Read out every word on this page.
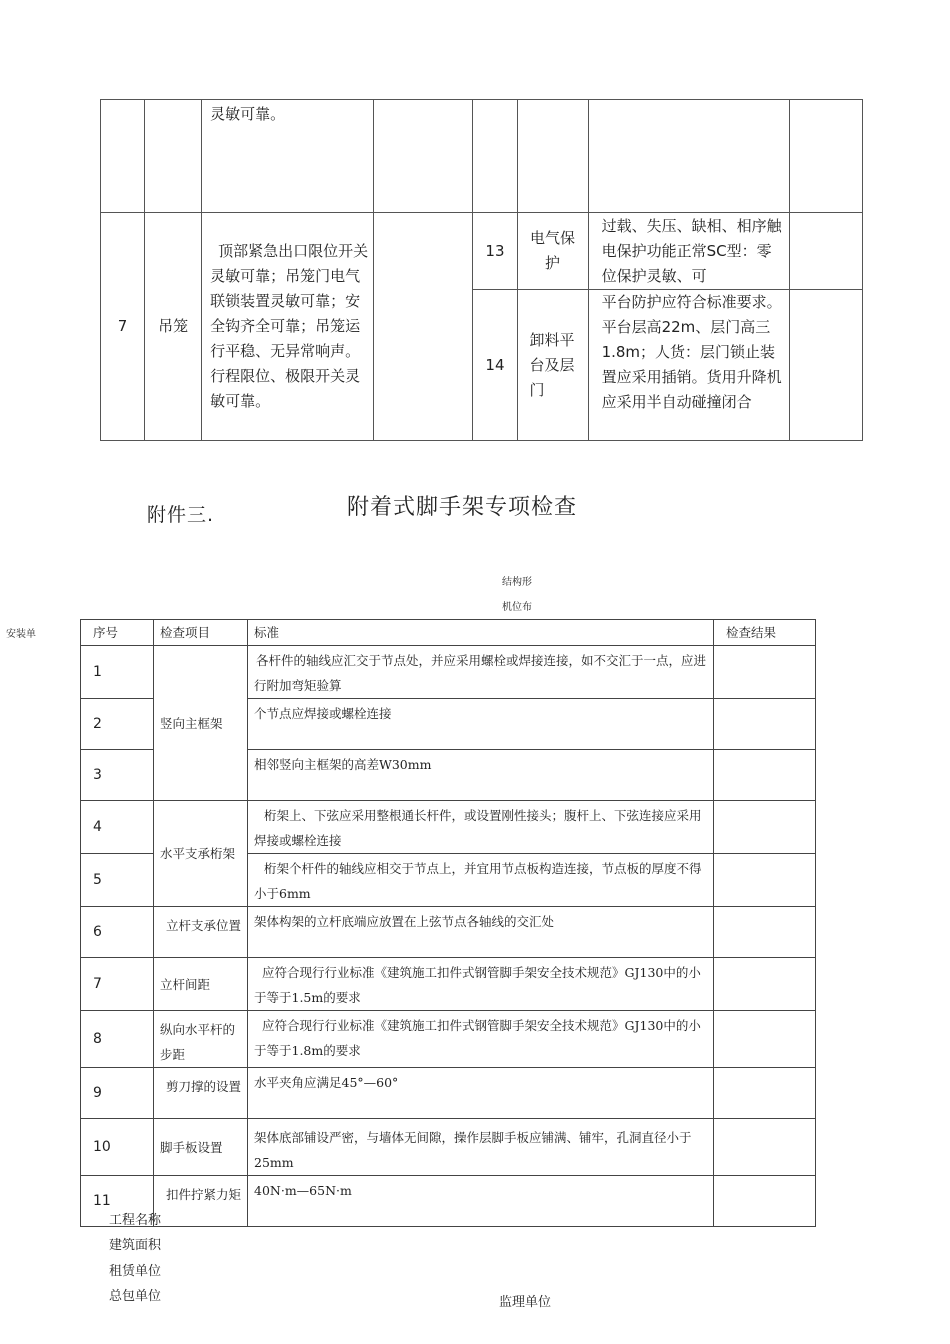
		灵敏可靠。					
7	吊笼	顶部紧急出口限位开关灵敏可靠；吊笼门电气联锁装置灵敏可靠；安全钩齐全可靠；吊笼运行平稳、无异常响声。行程限位、极限开关灵敏可靠。		13	电气保护	过载、失压、缺相、相序触电保护功能正常SC型：零位保护灵敏、可	

				14	卸料平台及层门	平台防护应符合标准要求。平台层高22m、层门高三1.8m；人货：层门锁止装置应采用插销。货用升降机应采用半自动碰撞闭合	

附件三.	附着式脚手架专项检查
结构形
机位布
安装单	序号	检查项目	标准	检查结果
1	竖向主框架	各杆件的轴线应汇交于节点处，并应采用螺栓或焊接连接，如不交汇于一点，应进行附加弯矩验算	
2		个节点应焊接或螺栓连接	
3		相邻竖向主框架的高差W30mm	
4	水平支承桁架	桁架上、下弦应采用整根通长杆件，或设置刚性接头；腹杆上、下弦连接应采用焊接或螺栓连接	
5		桁架个杆件的轴线应相交于节点上，并宜用节点板构造连接，节点板的厚度不得小于6mm	
6	立杆支承位置	架体构架的立杆底端应放置在上弦节点各轴线的交汇处	
7	立杆间距	应符合现行行业标准《建筑施工扣件式钢管脚手架安全技术规范》GJ130中的小于等于1.5m的要求	
8	纵向水平杆的步距	应符合现行行业标准《建筑施工扣件式钢管脚手架安全技术规范》GJ130中的小于等于1.8m的要求	
9	剪刀撑的设置	水平夹角应满足45°—60°	
10	脚手板设置	架体底部铺设严密，与墙体无间隙，操作层脚手板应铺满、铺牢，孔洞直径小于25mm	
11	扣件拧紧力矩	40N·m—65N·m	
工程名称
建筑面积
租赁单位
总包单位	监理单位
